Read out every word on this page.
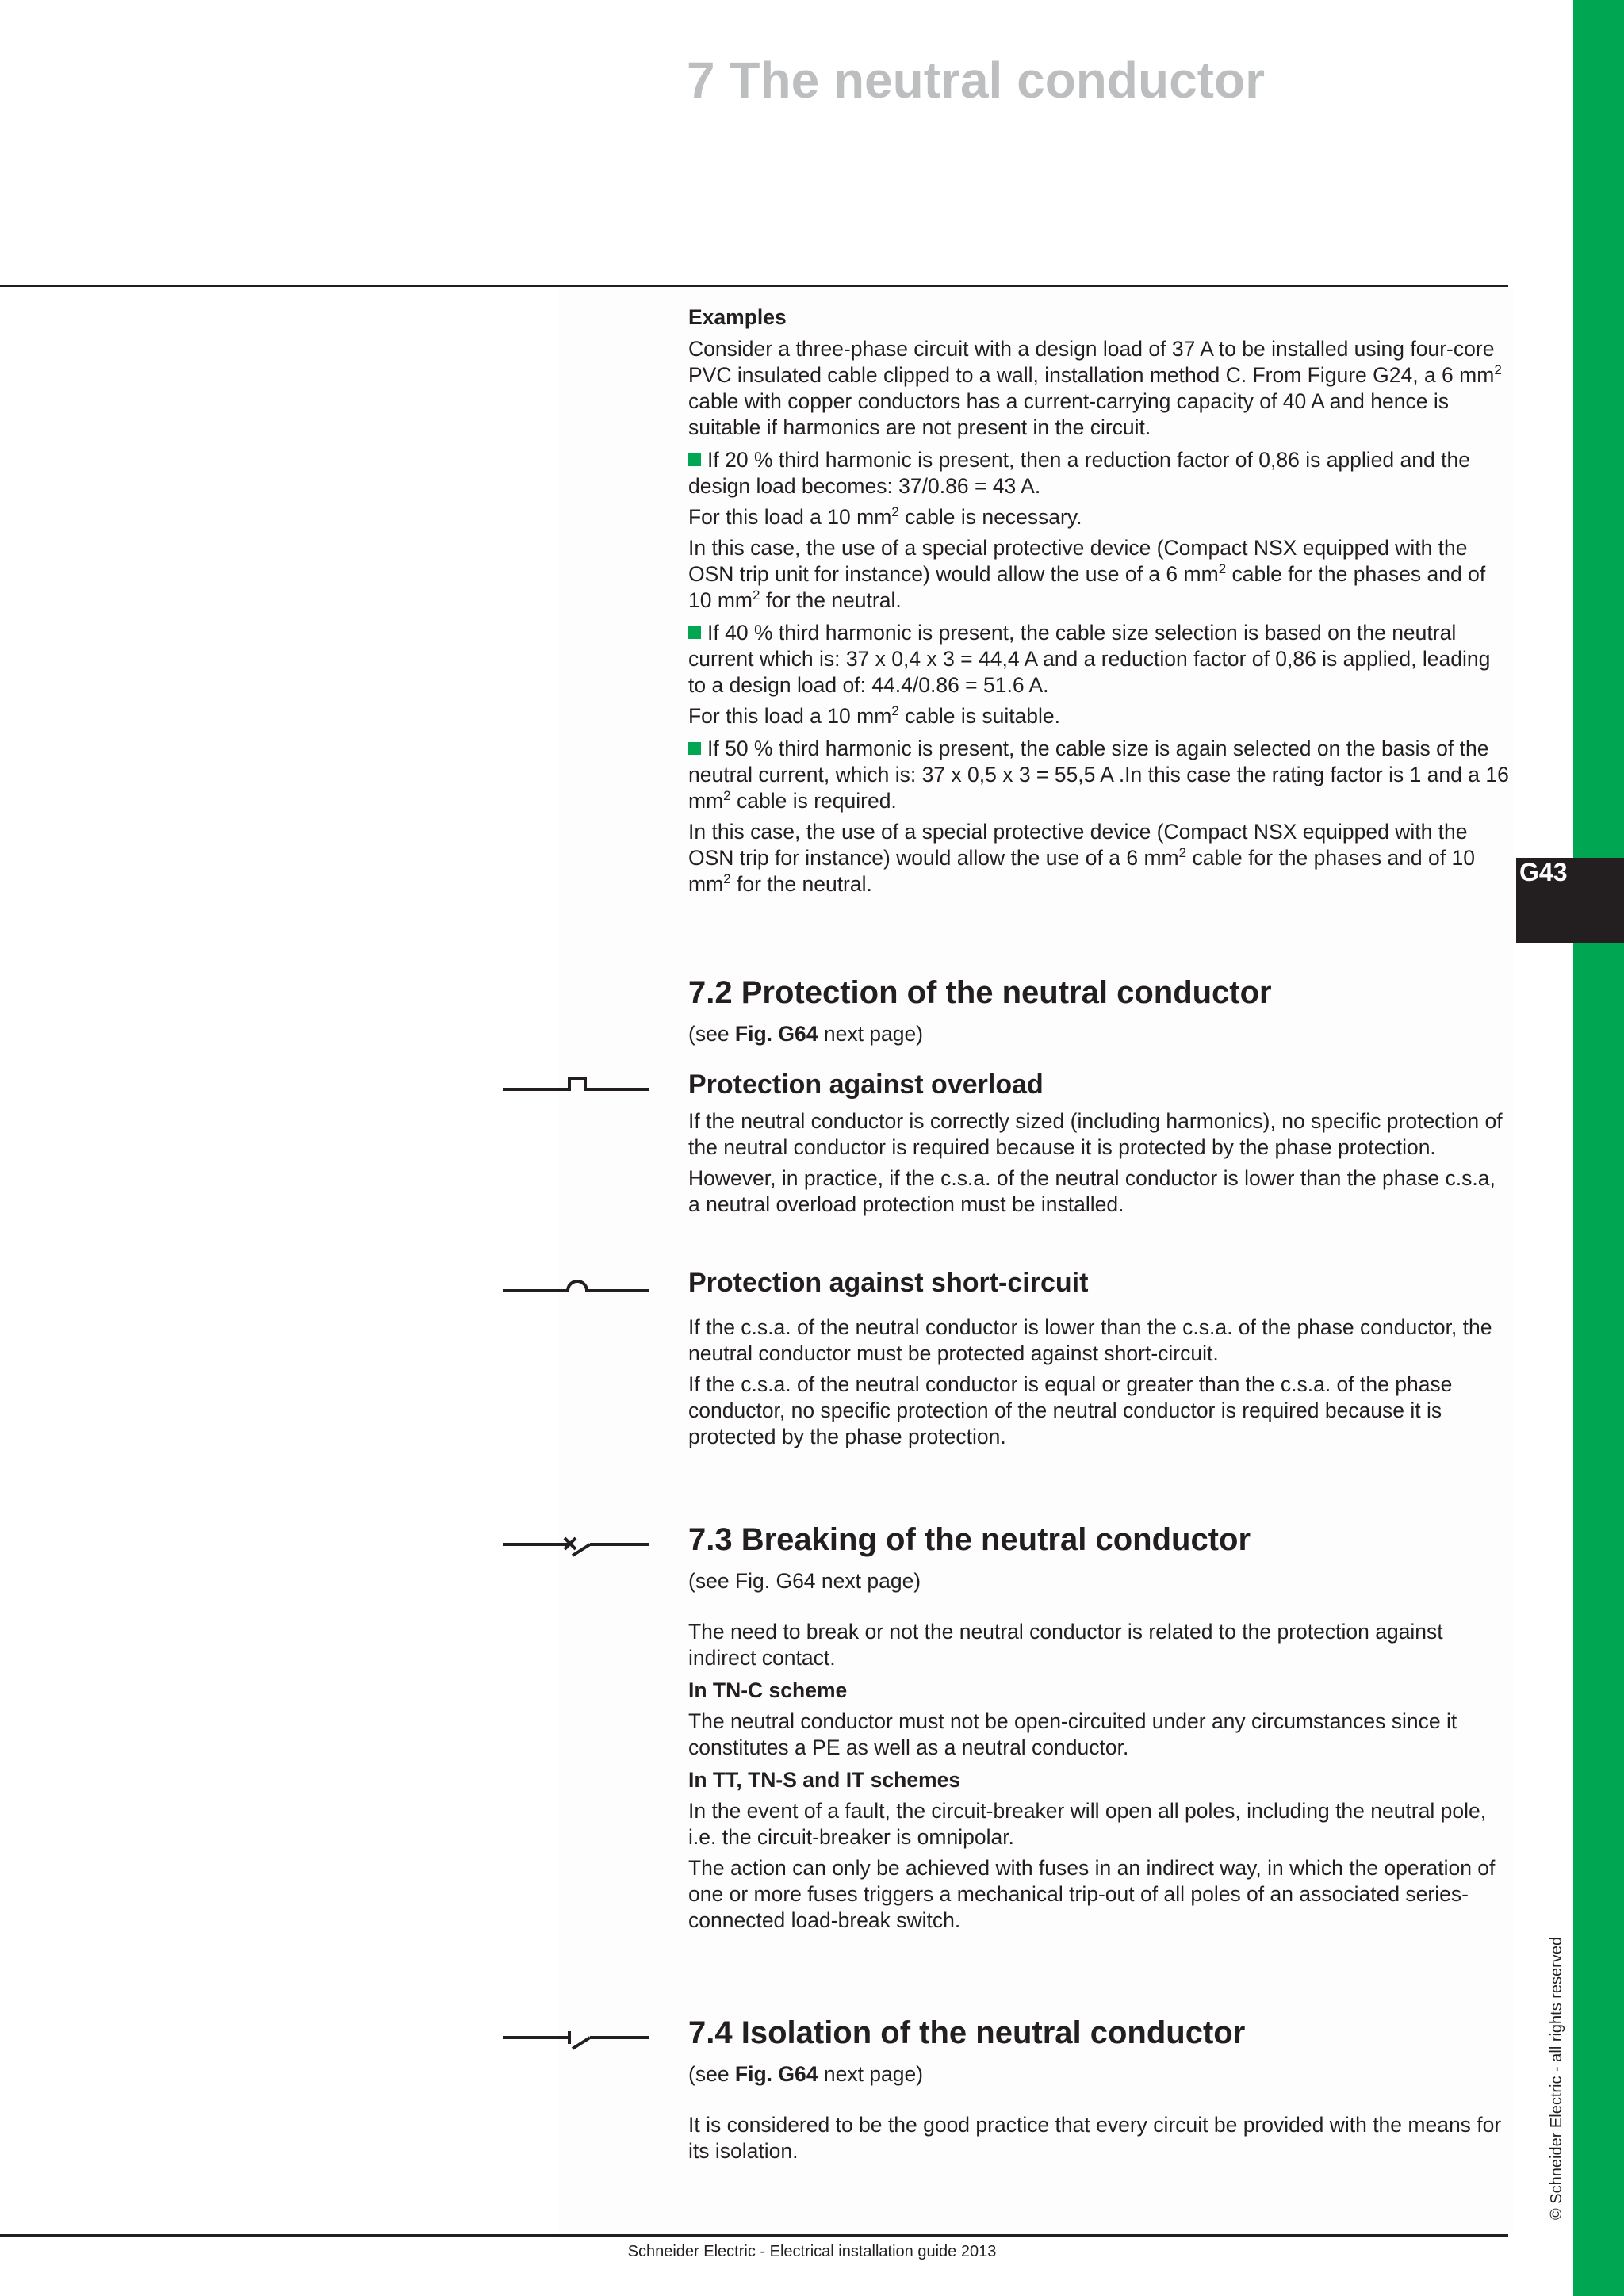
G43
© Schneider Electric - all rights reserved
7 The neutral conductor

Examples

Consider a three-phase circuit with a design load of 37 A to be installed using four-core PVC insulated cable clipped to a wall, installation method C. From Figure G24, a 6 $mm^2$ cable with copper conductors has a current-carrying capacity of 40 A and hence is suitable if harmonics are not present in the circuit.

If 20 % third harmonic is present, then a reduction factor of 0,86 is applied and the design load becomes: 37/0.86 = 43 A.

For this load a 10 $mm^2$ cable is necessary.

In this case, the use of a special protective device (Compact NSX equipped with the OSN trip unit for instance) would allow the use of a 6 $mm^2$ cable for the phases and of 10 $mm^2$ for the neutral.

If 40 % third harmonic is present, the cable size selection is based on the neutral current which is: 37 x 0,4 x 3 = 44,4 A and a reduction factor of 0,86 is applied, leading to a design load of: 44.4/0.86 = 51.6 A.

For this load a 10 $mm^2$ cable is suitable.

If 50 % third harmonic is present, the cable size is again selected on the basis of the neutral current, which is: 37 x 0,5 x 3 = 55,5 A .In this case the rating factor is 1 and a 16 $mm^2$ cable is required.

In this case, the use of a special protective device (Compact NSX equipped with the OSN trip for instance) would allow the use of a 6 $mm^2$ cable for the phases and of 10 $mm^2$ for the neutral.

7.2 Protection of the neutral conductor

(see Fig. G64 next page)

Protection against overload

If the neutral conductor is correctly sized (including harmonics), no specific protection of the neutral conductor is required because it is protected by the phase protection.

However, in practice, if the c.s.a. of the neutral conductor is lower than the phase c.s.a, a neutral overload protection must be installed.

Protection against short-circuit

If the c.s.a. of the neutral conductor is lower than the c.s.a. of the phase conductor, the neutral conductor must be protected against short-circuit.

If the c.s.a. of the neutral conductor is equal or greater than the c.s.a. of the phase conductor, no specific protection of the neutral conductor is required because it is protected by the phase protection.

7.3 Breaking of the neutral conductor

(see Fig. G64 next page)

The need to break or not the neutral conductor is related to the protection against indirect contact.

In TN-C scheme

The neutral conductor must not be open-circuited under any circumstances since it constitutes a PE as well as a neutral conductor.

In TT, TN-S and IT schemes

In the event of a fault, the circuit-breaker will open all poles, including the neutral pole, i.e. the circuit-breaker is omnipolar.

The action can only be achieved with fuses in an indirect way, in which the operation of one or more fuses triggers a mechanical trip-out of all poles of an associated series-connected load-break switch.

7.4 Isolation of the neutral conductor

(see Fig. G64 next page)

It is considered to be the good practice that every circuit be provided with the means for its isolation.

Schneider Electric - Electrical installation guide 2013
